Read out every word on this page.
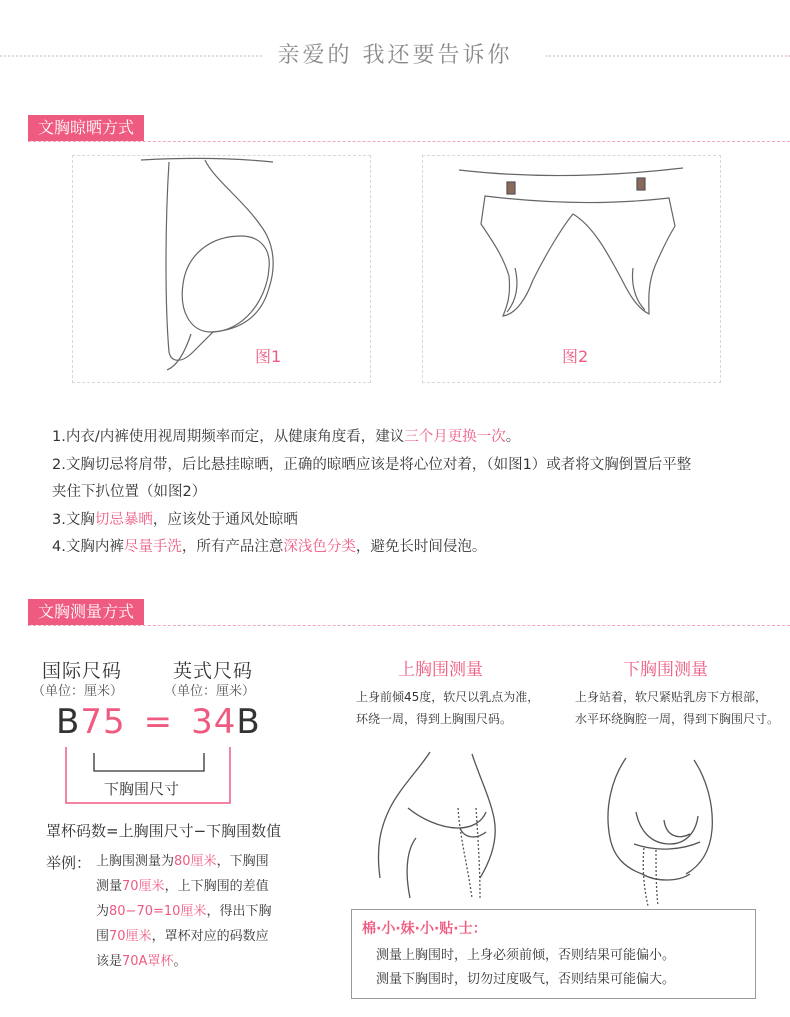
亲爱的 我还要告诉你
文胸晾晒方式
图1	图2

1.内衣/内裤使用视周期频率而定，从健康角度看，建议三个月更换一次。

2.文胸切忌将肩带，后比悬挂晾晒，正确的晾晒应该是将心位对着，（如图1）或者将文胸倒置后平整

夹住下扒位置（如图2）

3.文胸切忌暴晒，应该处于通风处晾晒

4.文胸内裤尽量手洗，所有产品注意深浅色分类，避免长时间侵泡。

文胸测量方式
国际尺码
（单位：厘米）
英式尺码
（单位：厘米）
B75 = 34B
下胸围尺寸
罩杯码数=上胸围尺寸−下胸围数值
举例： 上胸围测量为80厘米，下胸围
测量70厘米，上下胸围的差值
为80−70=10厘米，得出下胸
围70厘米，罩杯对应的码数应
该是70A罩杯。
上胸围测量
上身前倾45度，软尺以乳点为准，
环绕一周，得到上胸围尺码。
下胸围测量
上身站着，软尺紧贴乳房下方根部，
水平环绕胸腔一周，得到下胸围尺寸。
棉·小·妹·小·贴·士：
测量上胸围时，上身必须前倾，否则结果可能偏小。
测量下胸围时，切勿过度吸气，否则结果可能偏大。
